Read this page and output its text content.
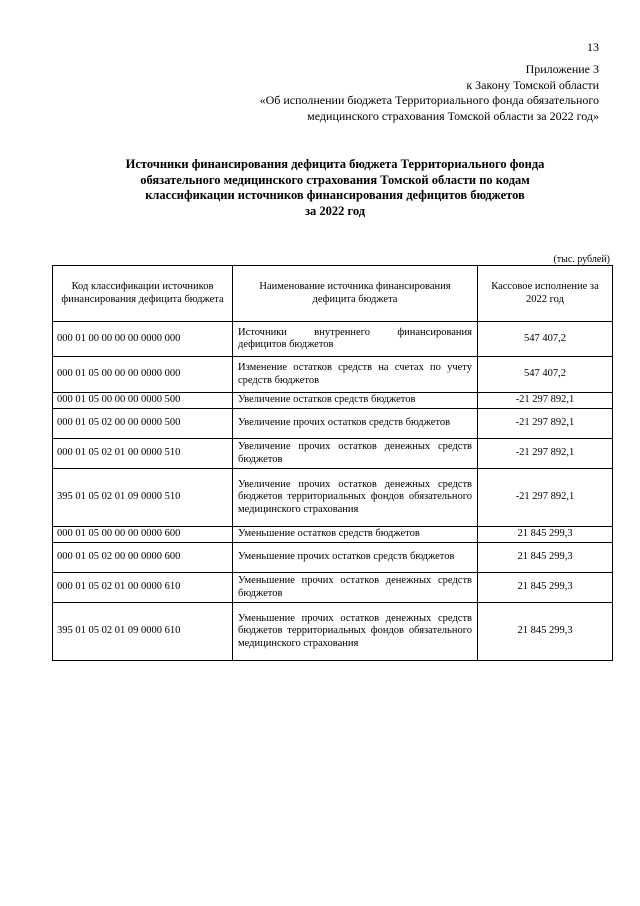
13
Приложение 3
к Закону Томской области
«Об исполнении бюджета Территориального фонда обязательного
медицинского страхования Томской области за 2022 год»
Источники финансирования дефицита бюджета Территориального фонда
обязательного медицинского страхования Томской области по кодам
классификации источников финансирования дефицитов бюджетов
за 2022 год
(тыс. рублей)
Код классификации источников финансирования дефицита бюджета	Наименование источника финансирования дефицита бюджета	Кассовое исполнение за 2022 год
000 01 00 00 00 00 0000 000	Источники внутреннего финансирования дефицитов бюджетов	547 407,2
000 01 05 00 00 00 0000 000	Изменение остатков средств на счетах по учету средств бюджетов	547 407,2
000 01 05 00 00 00 0000 500	Увеличение остатков средств бюджетов	-21 297 892,1
000 01 05 02 00 00 0000 500	Увеличение прочих остатков средств бюджетов	-21 297 892,1
000 01 05 02 01 00 0000 510	Увеличение прочих остатков денежных средств бюджетов	-21 297 892,1
395 01 05 02 01 09 0000 510	Увеличение прочих остатков денежных средств бюджетов территориальных фондов обязательного медицинского страхования	-21 297 892,1
000 01 05 00 00 00 0000 600	Уменьшение остатков средств бюджетов	21 845 299,3
000 01 05 02 00 00 0000 600	Уменьшение прочих остатков средств бюджетов	21 845 299,3
000 01 05 02 01 00 0000 610	Уменьшение прочих остатков денежных средств бюджетов	21 845 299,3
395 01 05 02 01 09 0000 610	Уменьшение прочих остатков денежных средств бюджетов территориальных фондов обязательного медицинского страхования	21 845 299,3
